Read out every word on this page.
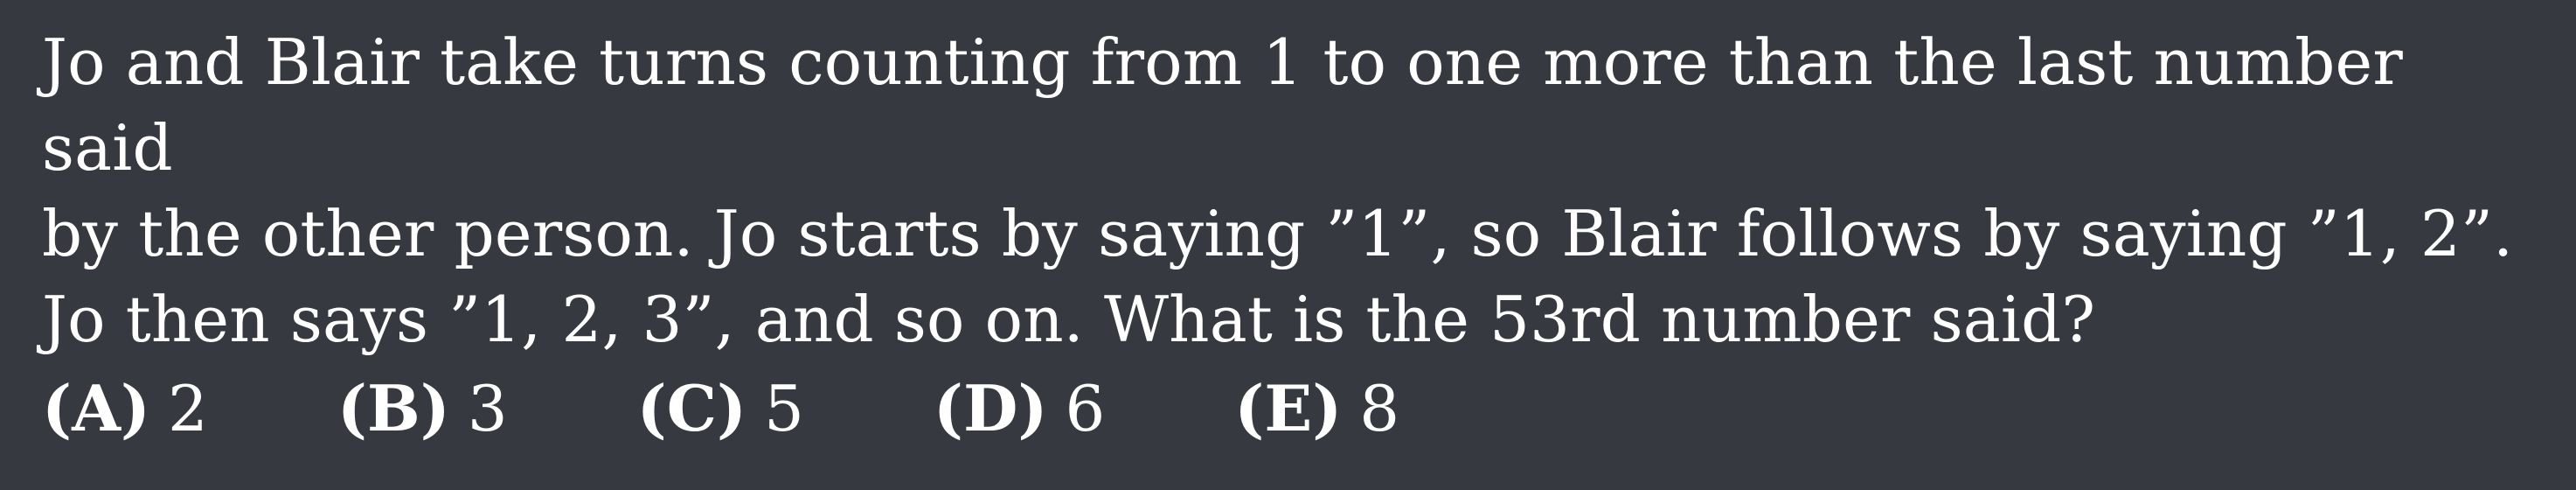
Jo and Blair take turns counting from 1 to one more than the last number said
by the other person. Jo starts by saying ”1”, so Blair follows by saying ”1, 2”.
Jo then says ”1, 2, 3”, and so on. What is the 53rd number said?

(A) 2 (B) 3 (C) 5 (D) 6 (E) 8
